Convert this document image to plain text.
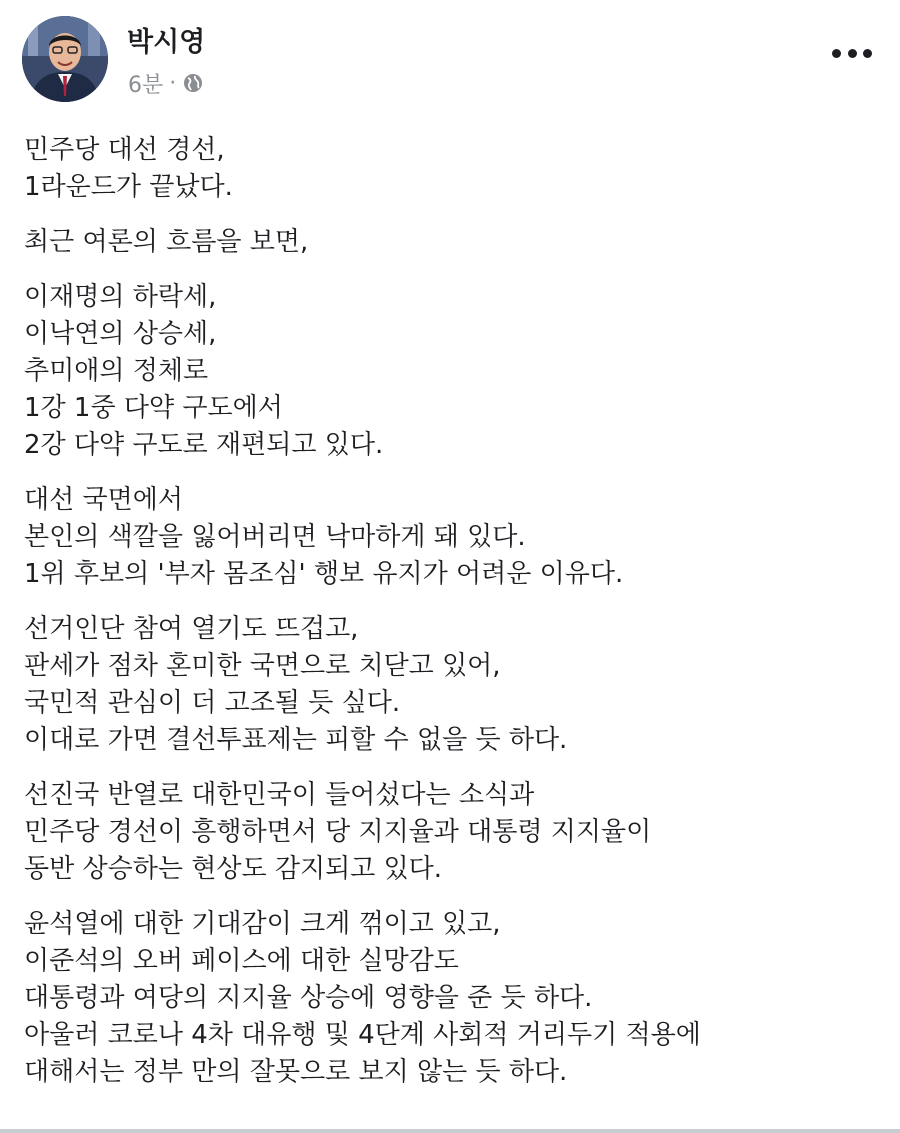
박시영
6분 ·
민주당 대선 경선,
1라운드가 끝났다.
최근 여론의 흐름을 보면,
이재명의 하락세,
이낙연의 상승세,
추미애의 정체로
1강 1중 다약 구도에서
2강 다약 구도로 재편되고 있다.
대선 국면에서
본인의 색깔을 잃어버리면 낙마하게 돼 있다.
1위 후보의 '부자 몸조심' 행보 유지가 어려운 이유다.
선거인단 참여 열기도 뜨겁고,
판세가 점차 혼미한 국면으로 치닫고 있어,
국민적 관심이 더 고조될 듯 싶다.
이대로 가면 결선투표제는 피할 수 없을 듯 하다.
선진국 반열로 대한민국이 들어섰다는 소식과
민주당 경선이 흥행하면서 당 지지율과 대통령 지지율이
동반 상승하는 현상도 감지되고 있다.
윤석열에 대한 기대감이 크게 꺾이고 있고,
이준석의 오버 페이스에 대한 실망감도
대통령과 여당의 지지율 상승에 영향을 준 듯 하다.
아울러 코로나 4차 대유행 및 4단계 사회적 거리두기 적용에
대해서는 정부 만의 잘못으로 보지 않는 듯 하다.
